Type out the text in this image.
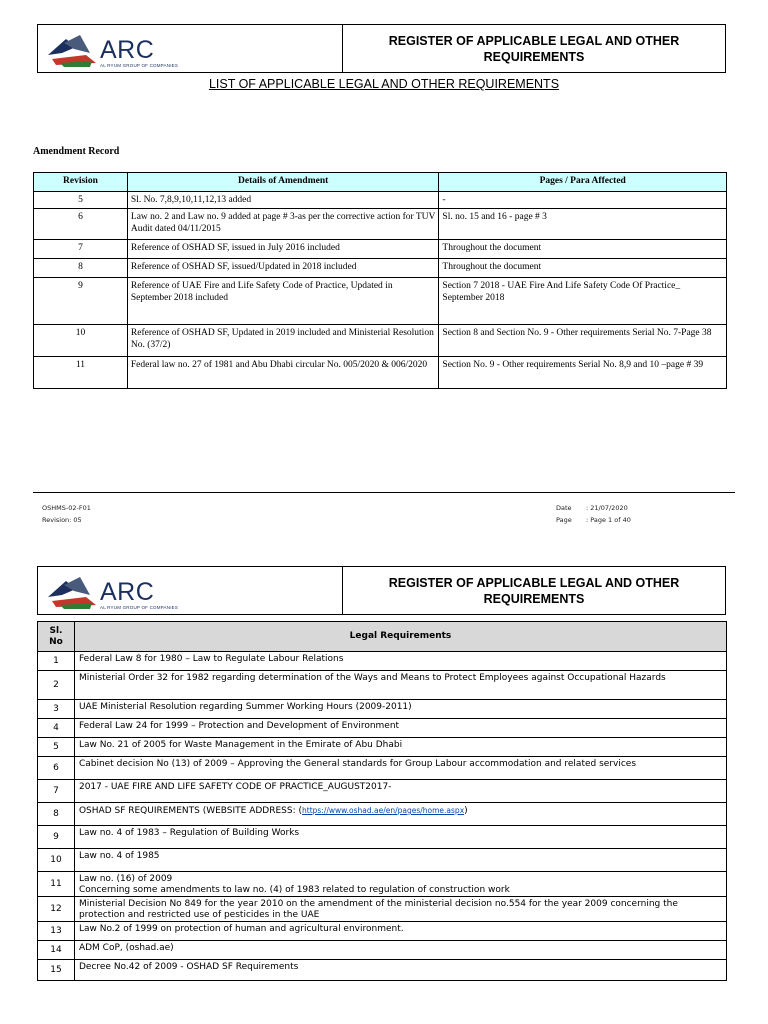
ARC
AL RYUM GROUP OF COMPANIES
REGISTER OF APPLICABLE LEGAL AND OTHER REQUIREMENTS
LIST OF APPLICABLE LEGAL AND OTHER REQUIREMENTS
Amendment Record
Revision	Details of Amendment	Pages / Para Affected
5	Sl. No. 7,8,9,10,11,12,13 added	-
6	Law no. 2 and Law no. 9 added at page # 3-as per the corrective action for TUV Audit dated 04/11/2015	Sl. no. 15 and 16 - page # 3
7	Reference of OSHAD SF, issued in July 2016 included	Throughout the document
8	Reference of OSHAD SF, issued/Updated in 2018 included	Throughout the document
9	Reference of UAE Fire and Life Safety Code of Practice, Updated in September 2018 included	Section 7 2018 - UAE Fire And Life Safety Code Of Practice_ September 2018
10	Reference of OSHAD SF, Updated in 2019 included and Ministerial Resolution No. (37/2)	Section 8 and Section No. 9 - Other requirements Serial No. 7-Page 38
11	Federal law no. 27 of 1981 and Abu Dhabi circular No. 005/2020 & 006/2020	Section No. 9 - Other requirements Serial No. 8,9 and 10 –page # 39
OSHMS-02-F01
Revision: 05
Date : 21/07/2020
Page : Page 1 of 40
ARC
AL RYUM GROUP OF COMPANIES
REGISTER OF APPLICABLE LEGAL AND OTHER REQUIREMENTS
Sl. No	Legal Requirements
1	Federal Law 8 for 1980 – Law to Regulate Labour Relations
2	Ministerial Order 32 for 1982 regarding determination of the Ways and Means to Protect Employees against Occupational Hazards
3	UAE Ministerial Resolution regarding Summer Working Hours (2009-2011)
4	Federal Law 24 for 1999 – Protection and Development of Environment
5	Law No. 21 of 2005 for Waste Management in the Emirate of Abu Dhabi
6	Cabinet decision No (13) of 2009 – Approving the General standards for Group Labour accommodation and related services
7	2017 - UAE FIRE AND LIFE SAFETY CODE OF PRACTICE_AUGUST2017-
8	OSHAD SF REQUIREMENTS (WEBSITE ADDRESS: (https://www.oshad.ae/en/pages/home.aspx)
9	Law no. 4 of 1983 – Regulation of Building Works
10	Law no. 4 of 1985
11	Law no. (16) of 2009
Concerning some amendments to law no. (4) of 1983 related to regulation of construction work

12	Ministerial Decision No 849 for the year 2010 on the amendment of the ministerial decision no.554 for the year 2009 concerning the protection and restricted use of pesticides in the UAE
13	Law No.2 of 1999 on protection of human and agricultural environment.
14	ADM CoP, (oshad.ae)
15	Decree No.42 of 2009 - OSHAD SF Requirements
